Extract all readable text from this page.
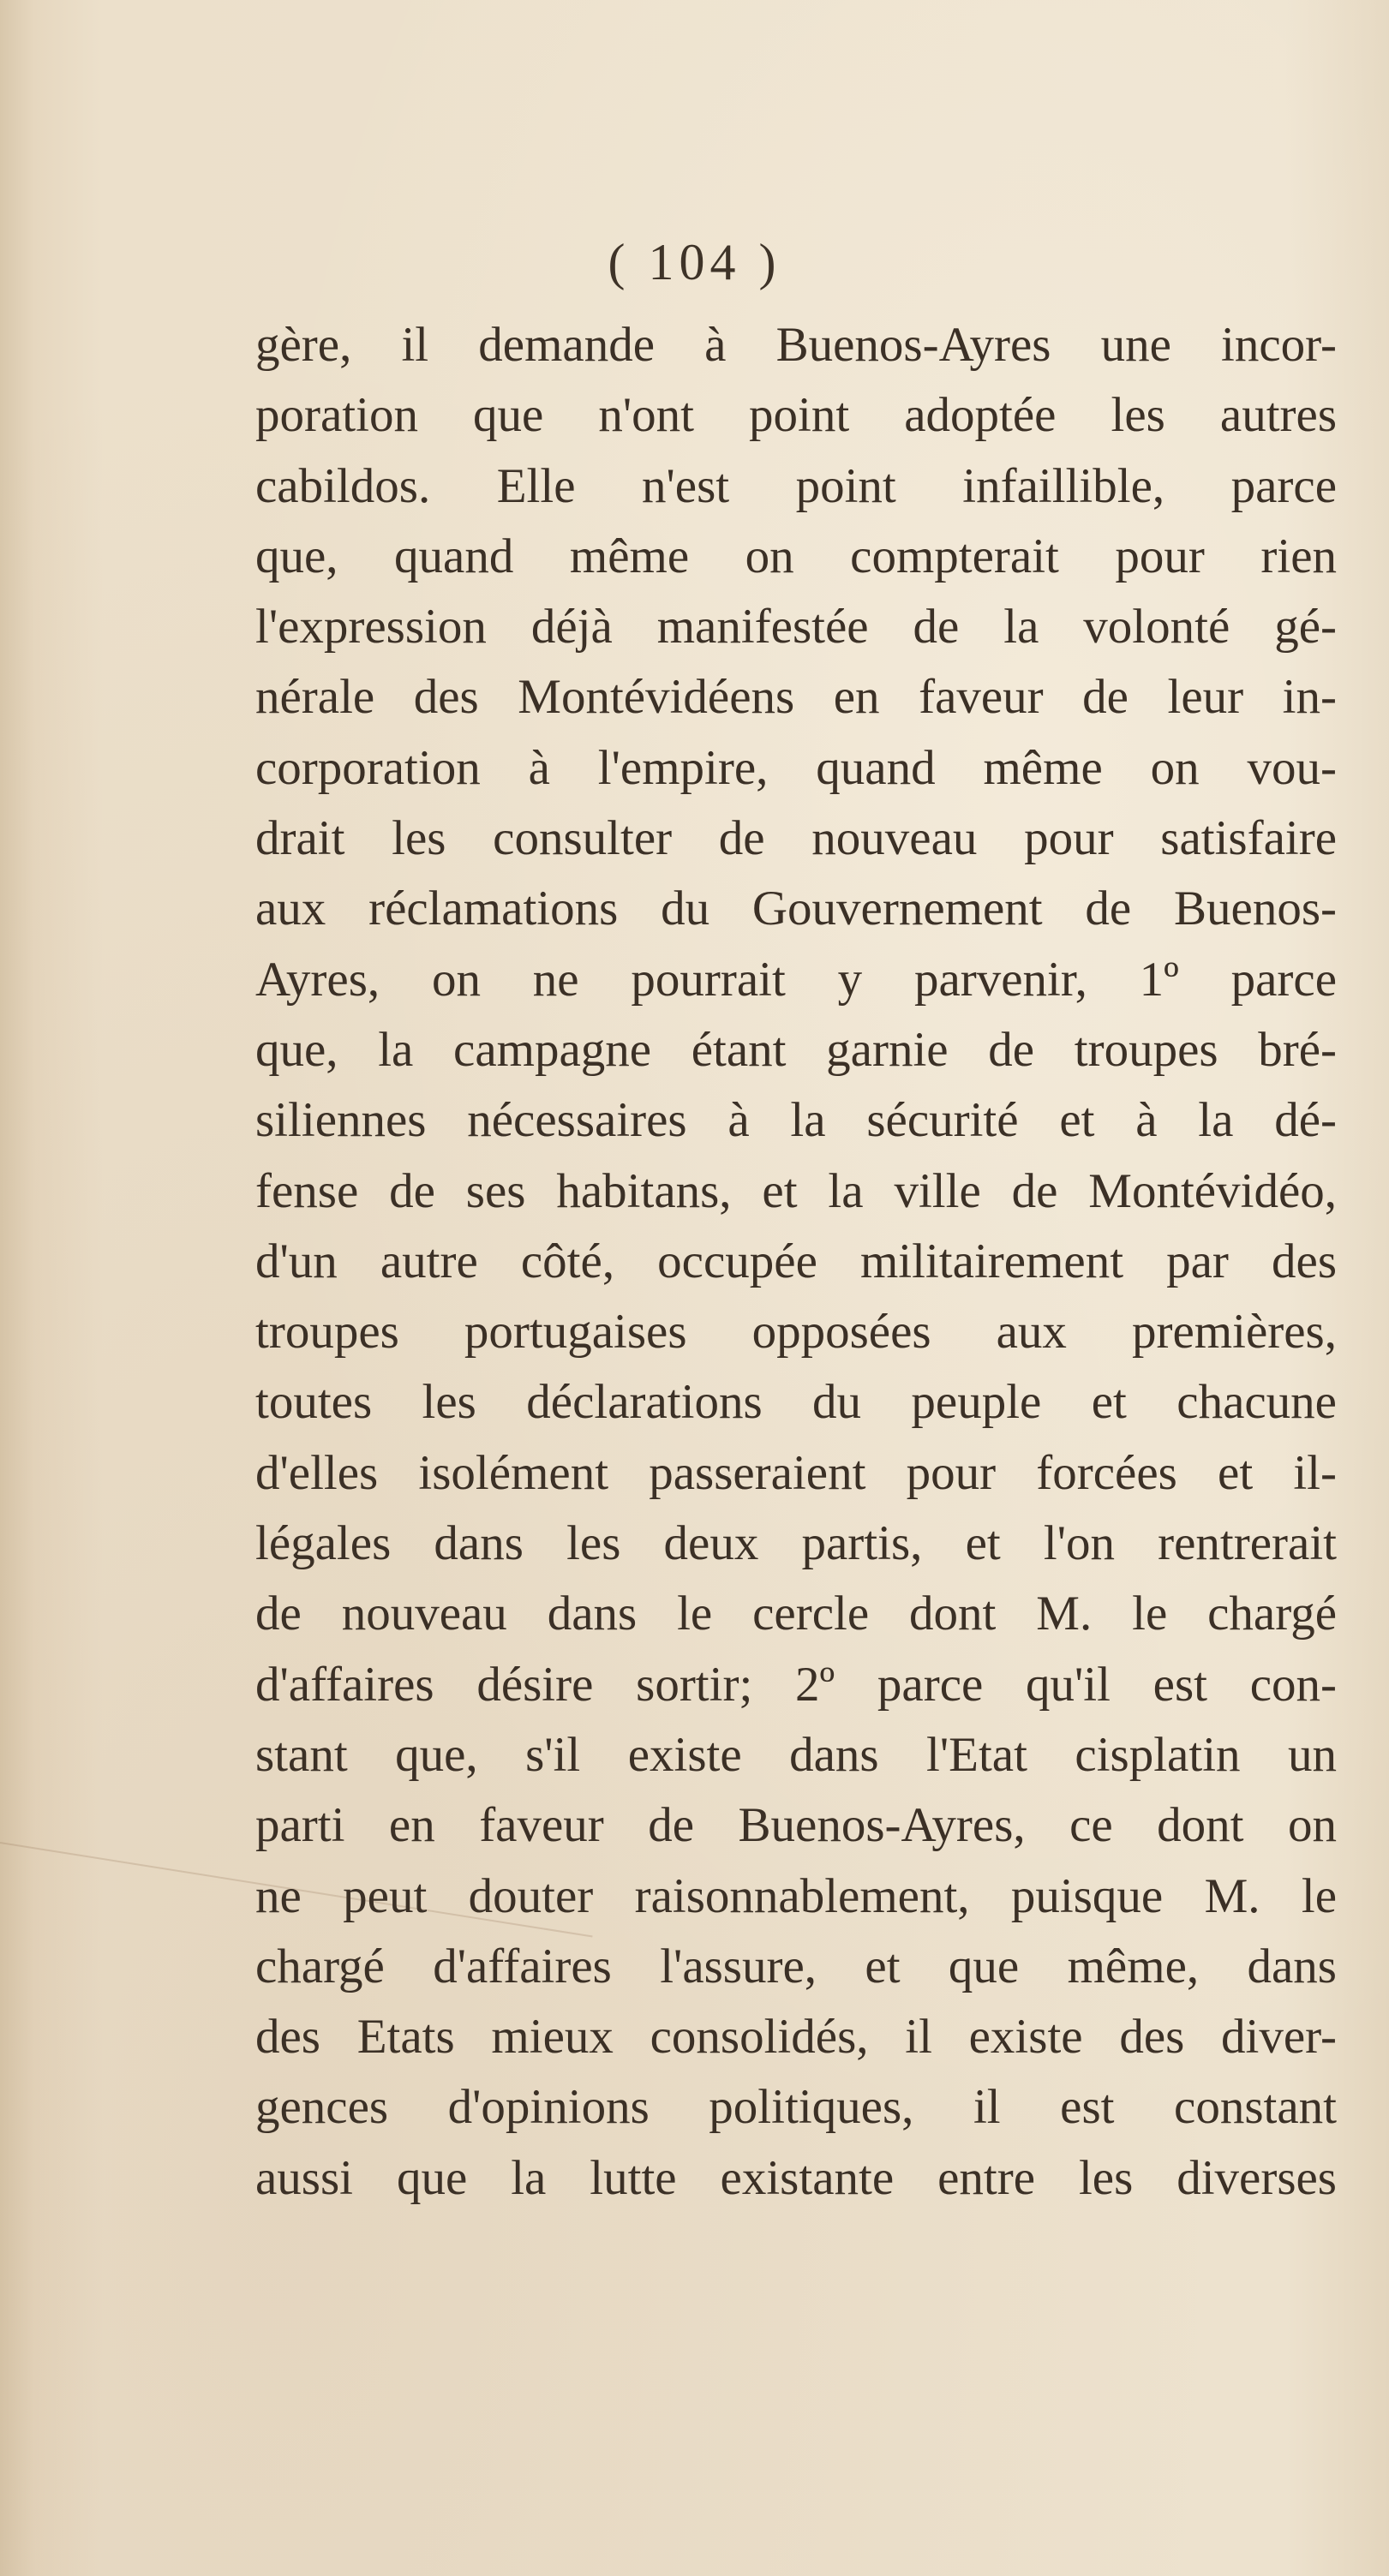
( 104 )
gère, il demande à Buenos-Ayres une incor-
poration que n'ont point adoptée les autres
cabildos. Elle n'est point infaillible, parce
que, quand même on compterait pour rien
l'expression déjà manifestée de la volonté gé-
nérale des Montévidéens en faveur de leur in-
corporation à l'empire, quand même on vou-
drait les consulter de nouveau pour satisfaire
aux réclamations du Gouvernement de Buenos-
Ayres, on ne pourrait y parvenir, 1º parce
que, la campagne étant garnie de troupes bré-
siliennes nécessaires à la sécurité et à la dé-
fense de ses habitans, et la ville de Montévidéo,
d'un autre côté, occupée militairement par des
troupes portugaises opposées aux premières,
toutes les déclarations du peuple et chacune
d'elles isolément passeraient pour forcées et il-
légales dans les deux partis, et l'on rentrerait
de nouveau dans le cercle dont M. le chargé
d'affaires désire sortir; 2º parce qu'il est con-
stant que, s'il existe dans l'Etat cisplatin un
parti en faveur de Buenos-Ayres, ce dont on
ne peut douter raisonnablement, puisque M. le
chargé d'affaires l'assure, et que même, dans
des Etats mieux consolidés, il existe des diver-
gences d'opinions politiques, il est constant
aussi que la lutte existante entre les diverses
